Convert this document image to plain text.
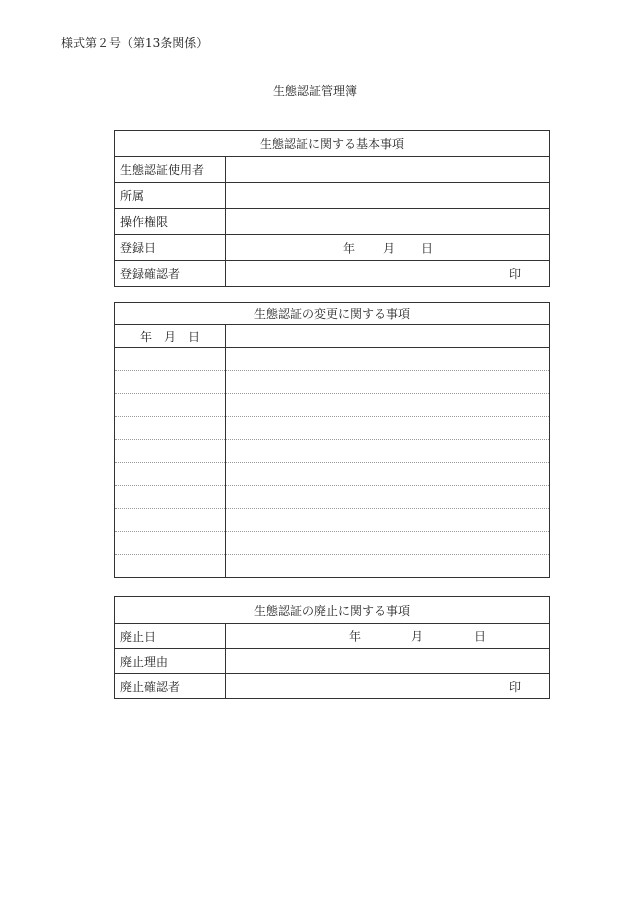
様式第２号（第13条関係）
生態認証管理簿
生態認証に関する基本事項	
生態認証使用者	
所属	
操作権限	
登録日	年 月 日

登録確認者	印
生態認証の変更に関する事項	
年　月　日	

生態認証の廃止に関する事項	
廃止日	年 月 日

廃止理由	
廃止確認者	印
